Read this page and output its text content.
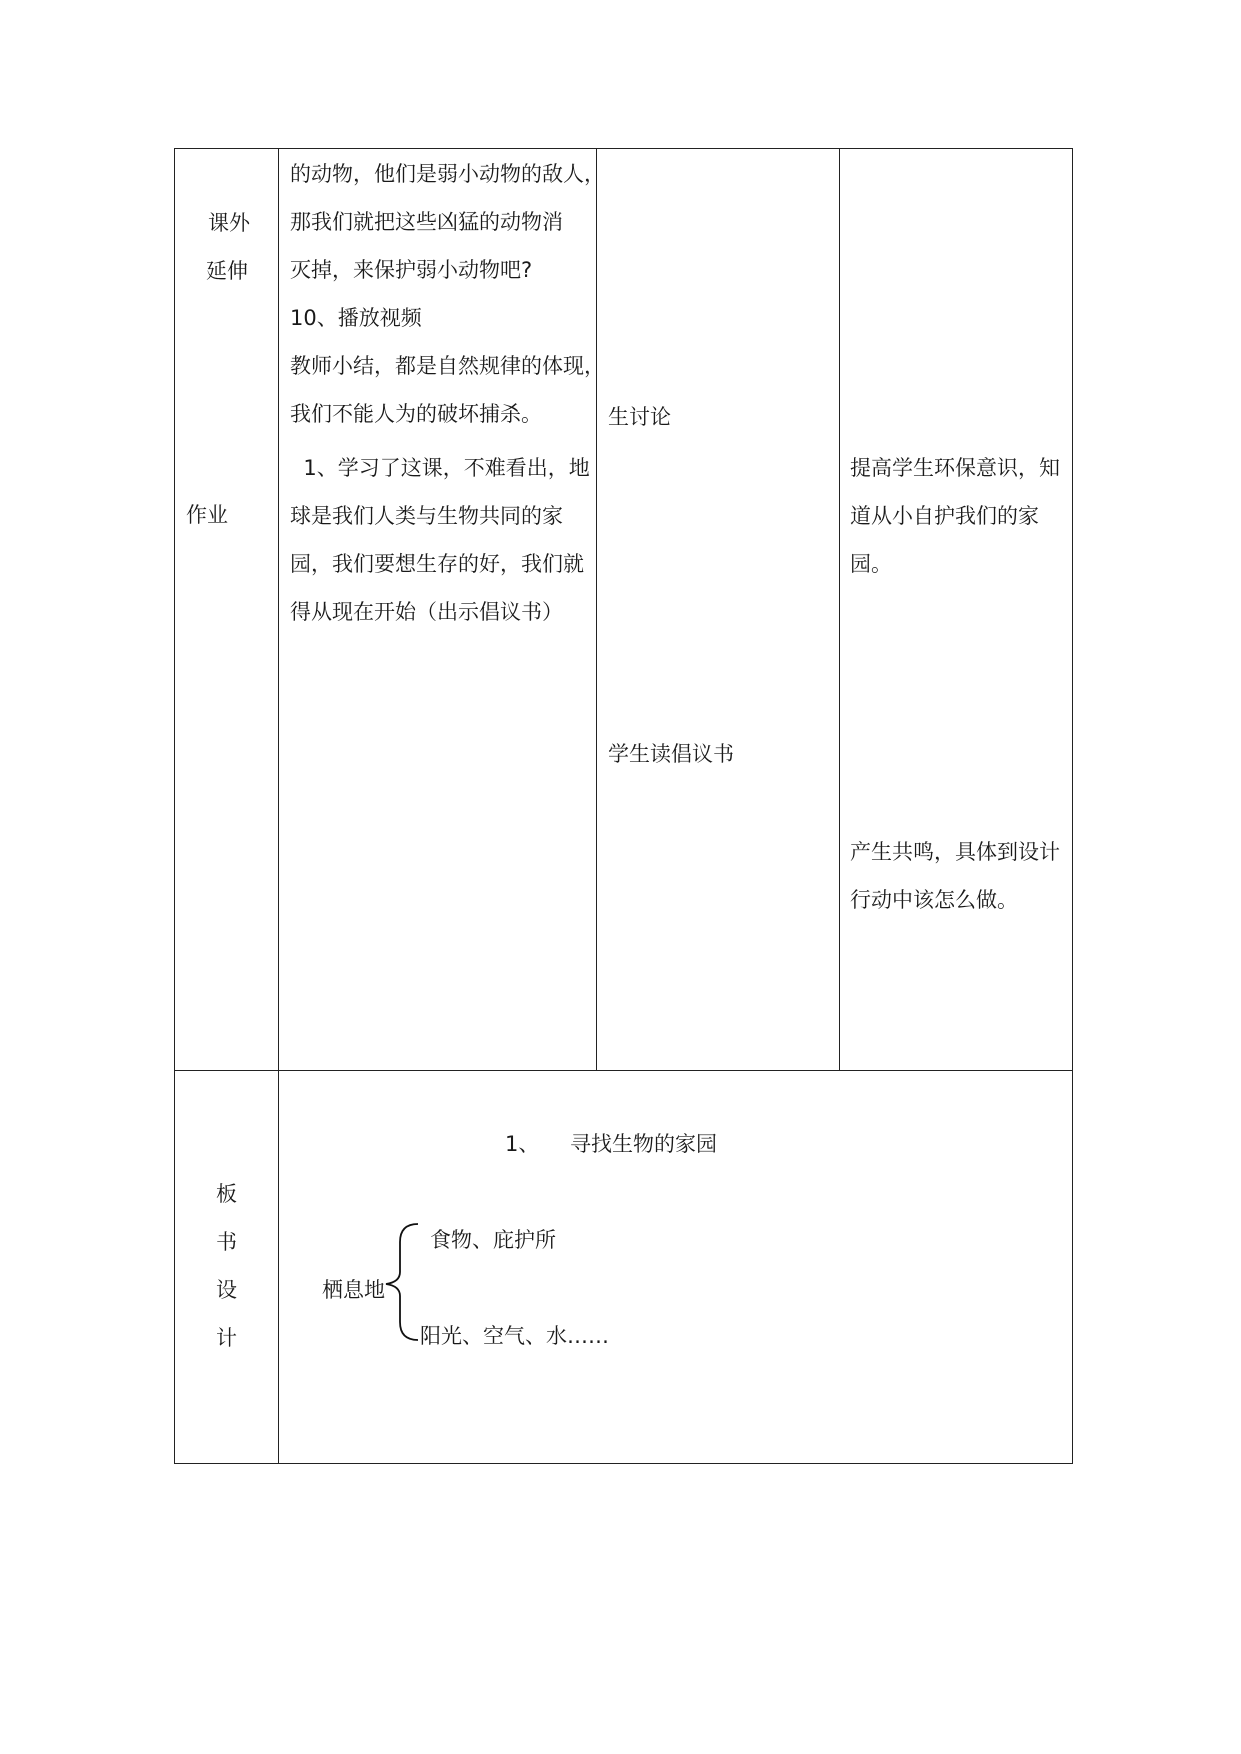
课外
延伸
作业
的动物，他们是弱小动物的敌人，
那我们就把这些凶猛的动物消
灭掉，来保护弱小动物吧?
10、播放视频
教师小结，都是自然规律的体现，
我们不能人为的破坏捕杀。
1、学习了这课，不难看出，地
球是我们人类与生物共同的家
园，我们要想生存的好，我们就
得从现在开始（出示倡议书）
生讨论
学生读倡议书
提高学生环保意识，知
道从小自护我们的家
园。
产生共鸣，具体到设计
行动中该怎么做。
板
书
设
计
1、 寻找生物的家园
栖息地
食物、庇护所
阳光、空气、水……
